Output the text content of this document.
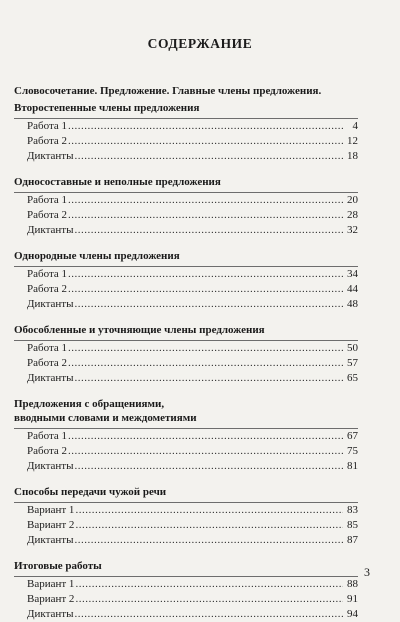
СОДЕРЖАНИЕ
Словосочетание. Предложение. Главные члены предложения.
Второстепенные члены предложения
Работа 1 .....	4
Работа 2 .....	12
Диктанты .....	18
Односоставные и неполные предложения
Работа 1 .....	20
Работа 2 .....	28
Диктанты .....	32
Однородные члены предложения
Работа 1 .....	34
Работа 2 .....	44
Диктанты .....	48
Обособленные и уточняющие члены предложения
Работа 1 .....	50
Работа 2 .....	57
Диктанты .....	65
Предложения с обращениями,
вводными словами и междометиями
Работа 1 .....	67
Работа 2 .....	75
Диктанты .....	81
Способы передачи чужой речи
Вариант 1 .....	83
Вариант 2 .....	85
Диктанты .....	87
Итоговые работы
Вариант 1 .....	88
Вариант 2 .....	91
Диктанты .....	94
3
